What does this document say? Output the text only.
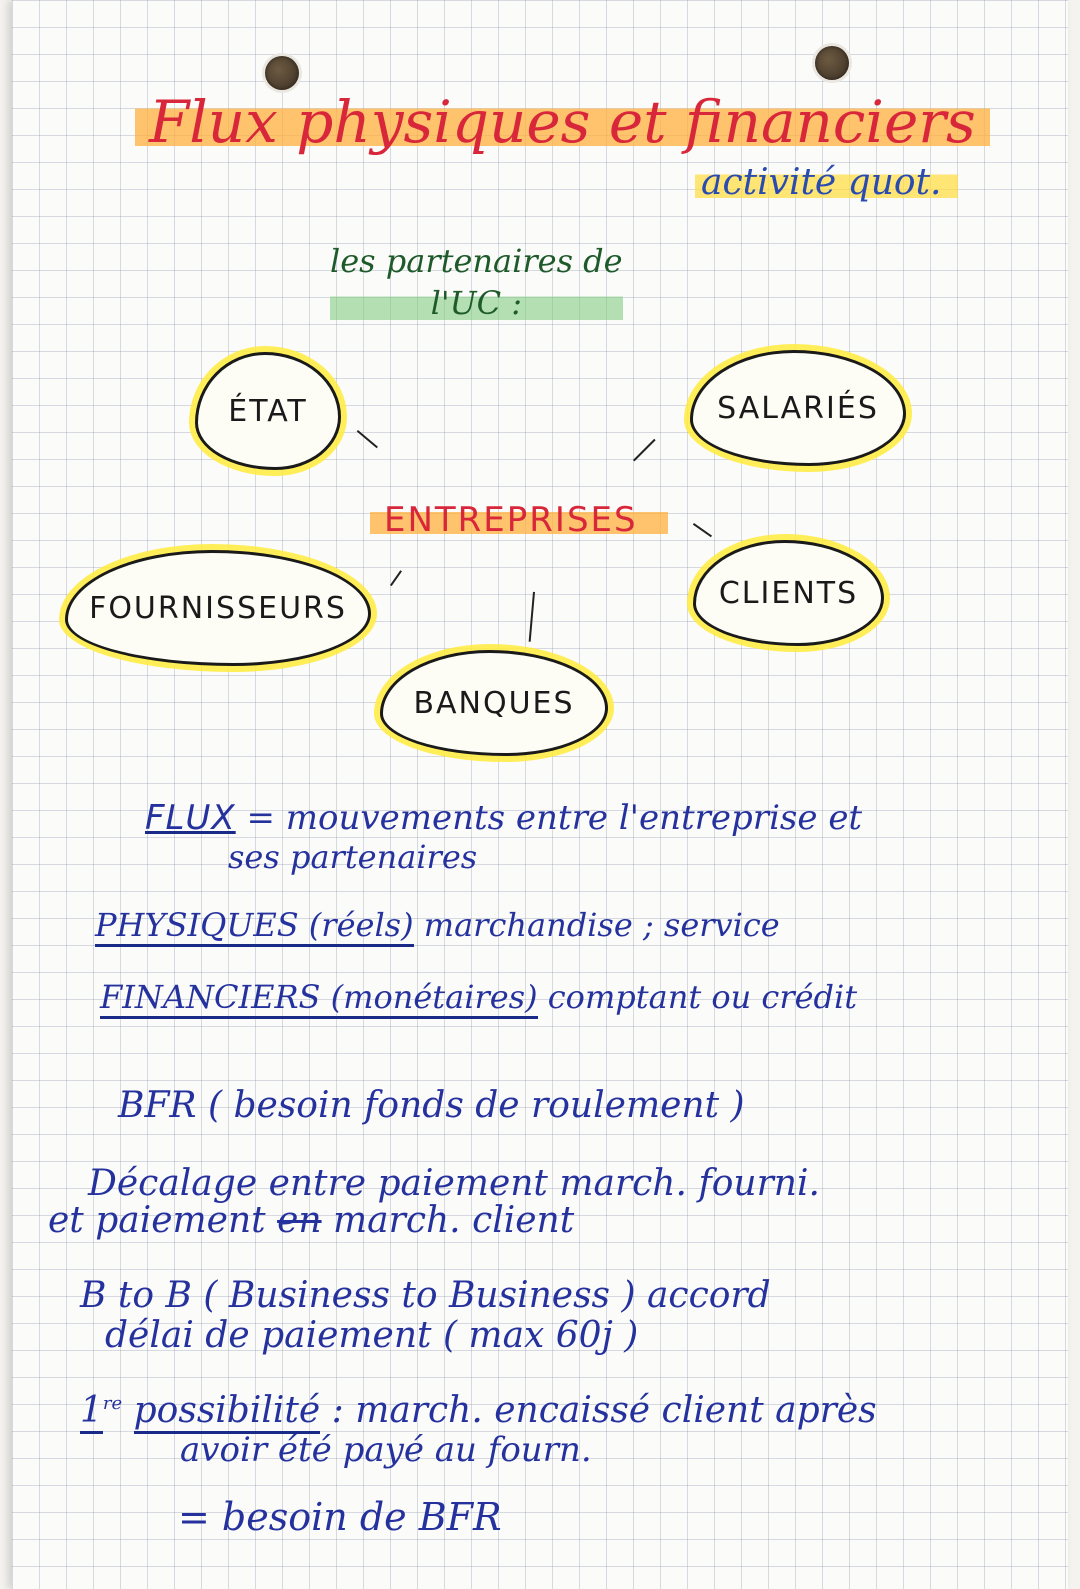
Flux physiques et financiers
activité quot.
les partenaires de
l'UC :
ENTREPRISES
ÉTAT	SALARIÉS
FOURNISSEURS	CLIENTS
BANQUES
FLUX = mouvements entre l'entreprise et
ses partenaires
PHYSIQUES (réels) marchandise ; service
FINANCIERS (monétaires) comptant ou crédit
BFR ( besoin fonds de roulement )
Décalage entre paiement march. fourni.
et paiement en march. client
B to B ( Business to Business ) accord
délai de paiement ( max 60j )
1re possibilité : march. encaissé client après
avoir été payé au fourn.
= besoin de BFR
